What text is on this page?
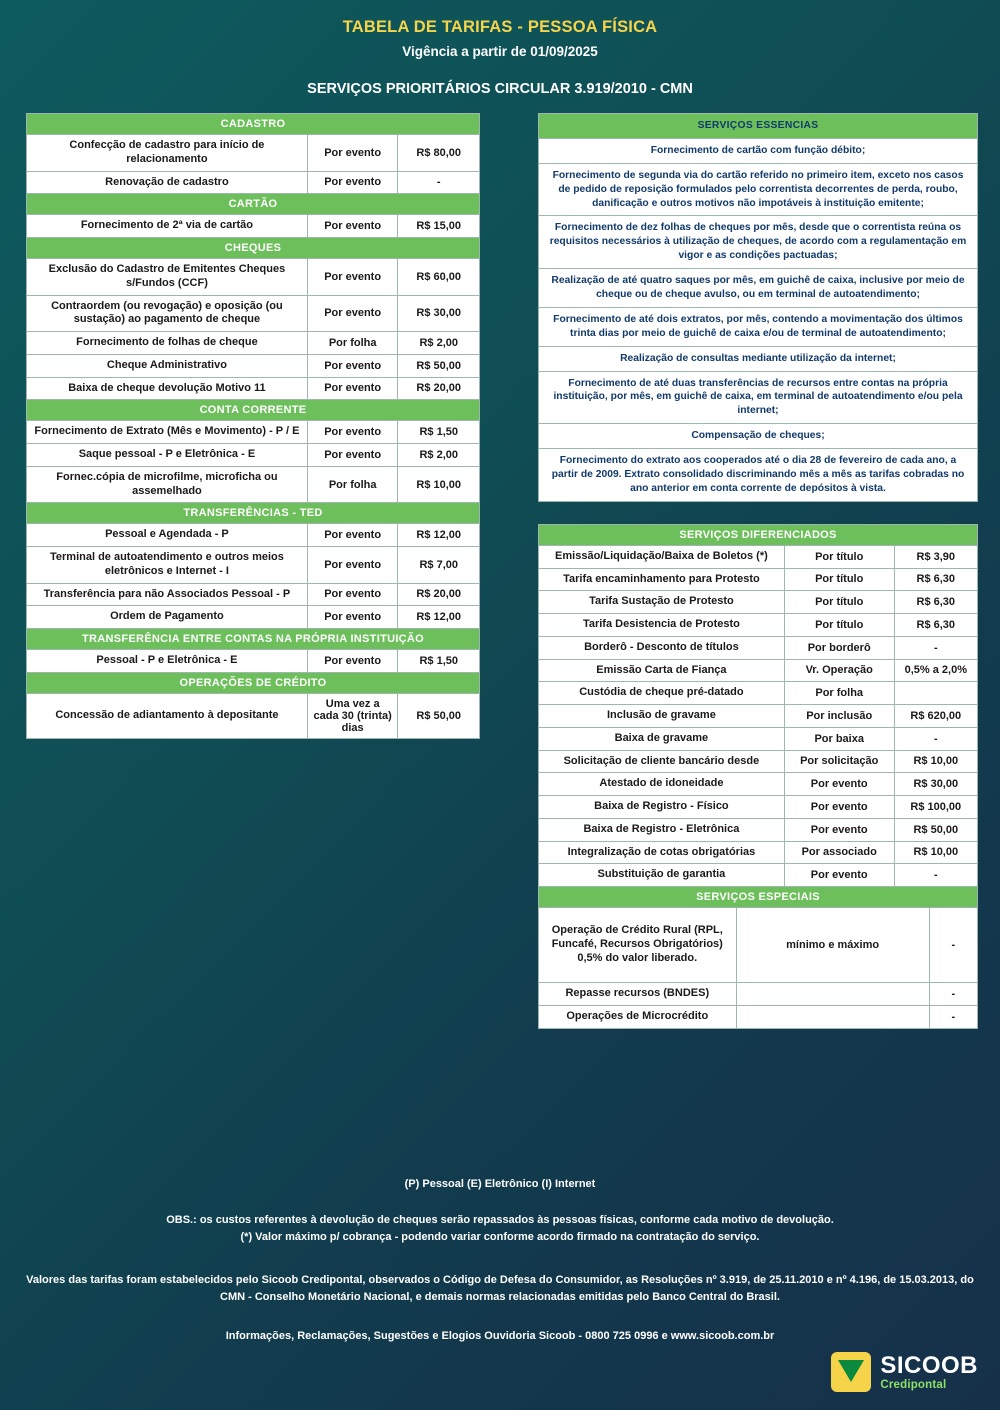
TABELA DE TARIFAS - PESSOA FÍSICA
Vigência a partir de 01/09/2025
SERVIÇOS PRIORITÁRIOS CIRCULAR 3.919/2010 - CMN
CADASTRO		
Confecção de cadastro para início de relacionamento	Por evento	R$ 80,00
Renovação de cadastro	Por evento	-
CARTÃO		
Fornecimento de 2ª via de cartão	Por evento	R$ 15,00
CHEQUES		
Exclusão do Cadastro de Emitentes Cheques s/Fundos (CCF)	Por evento	R$ 60,00
Contraordem (ou revogação) e oposição (ou sustação) ao pagamento de cheque	Por evento	R$ 30,00
Fornecimento de folhas de cheque	Por folha	R$ 2,00
Cheque Administrativo	Por evento	R$ 50,00
Baixa de cheque devolução Motivo 11	Por evento	R$ 20,00
CONTA CORRENTE		
Fornecimento de Extrato (Mês e Movimento) - P / E	Por evento	R$ 1,50
Saque pessoal - P e Eletrônica - E	Por evento	R$ 2,00
Fornec.cópia de microfilme, microficha ou assemelhado	Por folha	R$ 10,00
TRANSFERÊNCIAS - TED		
Pessoal e Agendada - P	Por evento	R$ 12,00
Terminal de autoatendimento e outros meios eletrônicos e Internet - I	Por evento	R$ 7,00
Transferência para não Associados Pessoal - P	Por evento	R$ 20,00
Ordem de Pagamento	Por evento	R$ 12,00
TRANSFERÊNCIA ENTRE CONTAS NA PRÓPRIA INSTITUIÇÃO		
Pessoal - P e Eletrônica - E	Por evento	R$ 1,50
OPERAÇÕES DE CRÉDITO		
Concessão de adiantamento à depositante	Uma vez a cada 30 (trinta) dias	R$ 50,00
SERVIÇOS ESSENCIAS
Fornecimento de cartão com função débito;
Fornecimento de segunda via do cartão referido no primeiro item, exceto nos casos de pedido de reposição formulados pelo correntista decorrentes de perda, roubo, danificação e outros motivos não impotáveis à instituição emitente;
Fornecimento de dez folhas de cheques por mês, desde que o correntista reúna os requisitos necessários à utilização de cheques, de acordo com a regulamentação em vigor e as condições pactuadas;
Realização de até quatro saques por mês, em guichê de caixa, inclusive por meio de cheque ou de cheque avulso, ou em terminal de autoatendimento;
Fornecimento de até dois extratos, por mês, contendo a movimentação dos últimos trinta dias por meio de guichê de caixa e/ou de terminal de autoatendimento;
Realização de consultas mediante utilização da internet;
Fornecimento de até duas transferências de recursos entre contas na própria instituição, por mês, em guichê de caixa, em terminal de autoatendimento e/ou pela internet;
Compensação de cheques;
Fornecimento do extrato aos cooperados até o dia 28 de fevereiro de cada ano, a partir de 2009. Extrato consolidado discriminando mês a mês as tarifas cobradas no ano anterior em conta corrente de depósitos à vista.
SERVIÇOS DIFERENCIADOS		
Emissão/Liquidação/Baixa de Boletos (*)	Por título	R$ 3,90
Tarifa encaminhamento para Protesto	Por título	R$ 6,30
Tarifa Sustação de Protesto	Por título	R$ 6,30
Tarifa Desistencia de Protesto	Por título	R$ 6,30
Borderô - Desconto de títulos	Por borderô	-
Emissão Carta de Fiança	Vr. Operação	0,5% a 2,0%
Custódia de cheque pré-datado	Por folha	
Inclusão de gravame	Por inclusão	R$ 620,00
Baixa de gravame	Por baixa	-
Solicitação de cliente bancário desde	Por solicitação	R$ 10,00
Atestado de idoneidade	Por evento	R$ 30,00
Baixa de Registro - Físico	Por evento	R$ 100,00
Baixa de Registro - Eletrônica	Por evento	R$ 50,00
Integralização de cotas obrigatórias	Por associado	R$ 10,00
Substituição de garantia	Por evento	-
SERVIÇOS ESPECIAIS		
Operação de Crédito Rural (RPL, Funcafé, Recursos Obrigatórios) 0,5% do valor liberado.	mínimo e máximo	-
Repasse recursos (BNDES)		-
Operações de Microcrédito		-
(P) Pessoal (E) Eletrônico (I) Internet
OBS.: os custos referentes à devolução de cheques serão repassados às pessoas físicas, conforme cada motivo de devolução.
(*) Valor máximo p/ cobrança - podendo variar conforme acordo firmado na contratação do serviço.
Valores das tarifas foram estabelecidos pelo Sicoob Credipontal, observados o Código de Defesa do Consumidor, as Resoluções nº 3.919, de 25.11.2010 e nº 4.196, de 15.03.2013, do CMN - Conselho Monetário Nacional, e demais normas relacionadas emitidas pelo Banco Central do Brasil.
Informações, Reclamações, Sugestões e Elogios Ouvidoria Sicoob - 0800 725 0996 e www.sicoob.com.br
SICOOB
Credipontal
